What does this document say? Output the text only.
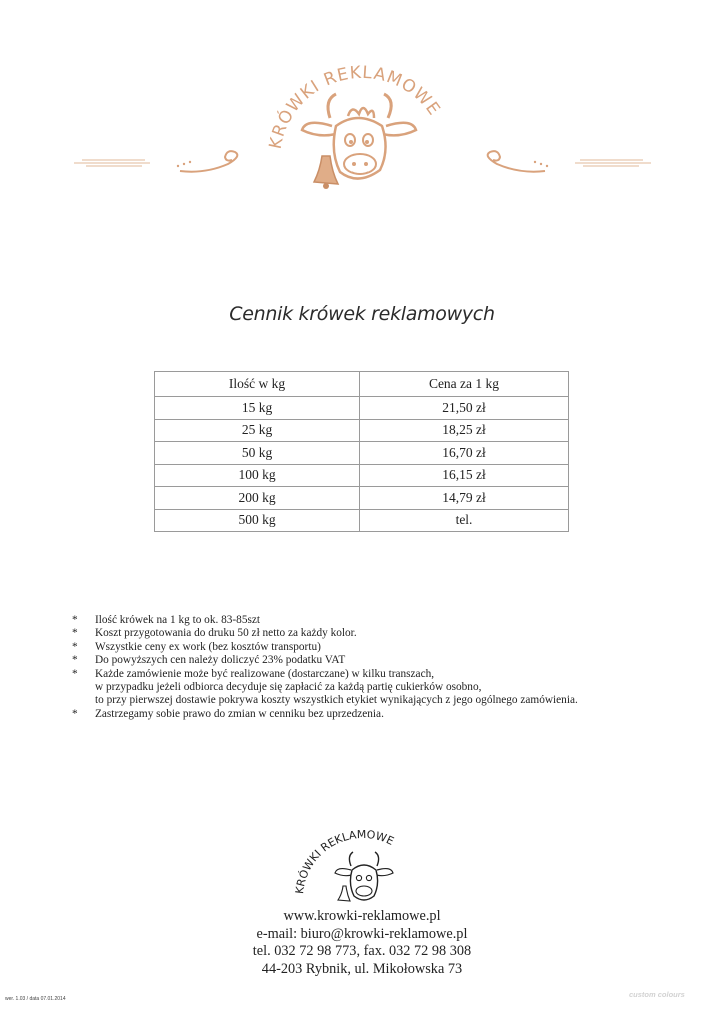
KRÓWKI REKLAMOWE
Cennik krówek reklamowych
Ilość w kg	Cena za 1 kg
15 kg	21,50 zł
25 kg	18,25 zł
50 kg	16,70 zł
100 kg	16,15 zł
200 kg	14,79 zł
500 kg	tel.
* Ilość krówek na 1 kg to ok. 83-85szt
* Koszt przygotowania do druku 50 zł netto za każdy kolor.
* Wszystkie ceny ex work (bez kosztów transportu)
* Do powyższych cen należy doliczyć 23% podatku VAT
* Każde zamówienie może być realizowane (dostarczane) w kilku transzach,
w przypadku jeżeli odbiorca decyduje się zapłacić za każdą partię cukierków osobno,
to przy pierwszej dostawie pokrywa koszty wszystkich etykiet wynikających z jego ogólnego zamówienia.
* Zastrzegamy sobie prawo do zmian w cenniku bez uprzedzenia.
RÓWKI REKLAMOWE
www.krowki-reklamowe.pl
e-mail: biuro@krowki-reklamowe.pl
tel. 032 72 98 773, fax. 032 72 98 308
44-203 Rybnik, ul. Mikołowska 73
wer. 1.03 / data 07.01.2014	custom colours
